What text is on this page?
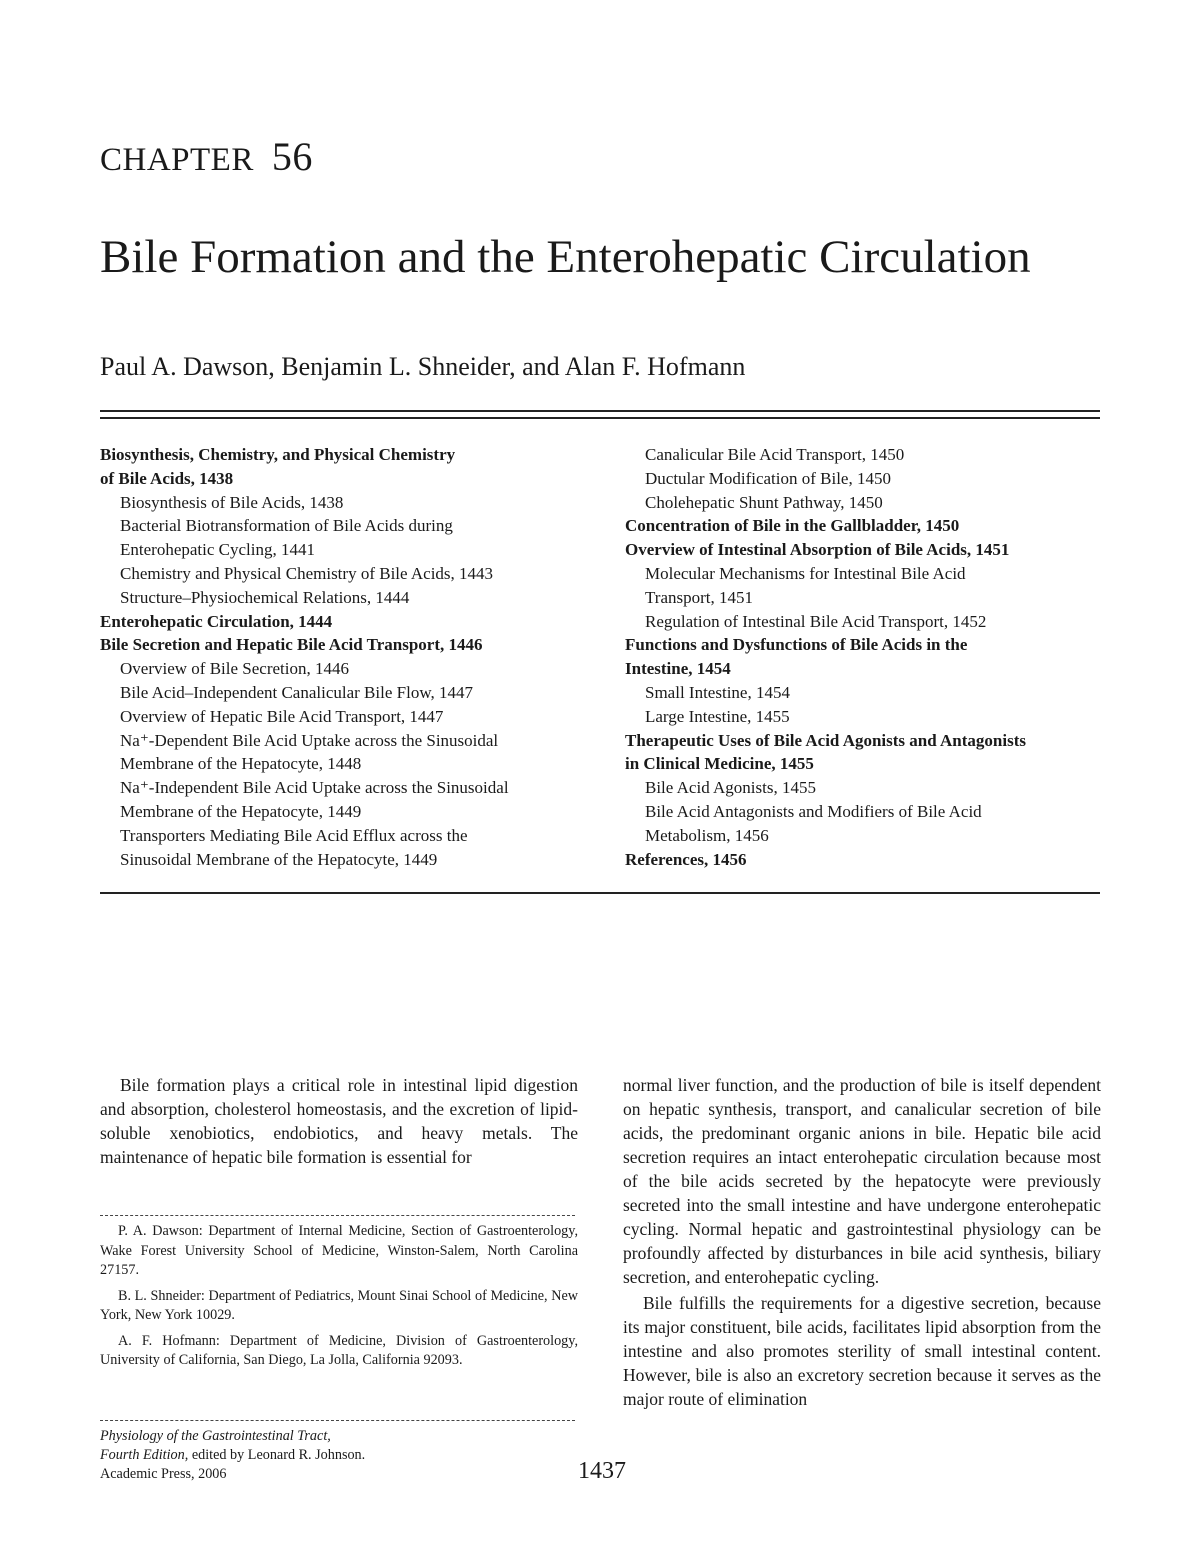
CHAPTER 56
Bile Formation and the Enterohepatic Circulation
Paul A. Dawson, Benjamin L. Shneider, and Alan F. Hofmann
Biosynthesis, Chemistry, and Physical Chemistry
of Bile Acids, 1438
Biosynthesis of Bile Acids, 1438
Bacterial Biotransformation of Bile Acids during
Enterohepatic Cycling, 1441
Chemistry and Physical Chemistry of Bile Acids, 1443
Structure–Physiochemical Relations, 1444
Enterohepatic Circulation, 1444
Bile Secretion and Hepatic Bile Acid Transport, 1446
Overview of Bile Secretion, 1446
Bile Acid–Independent Canalicular Bile Flow, 1447
Overview of Hepatic Bile Acid Transport, 1447
Na⁺-Dependent Bile Acid Uptake across the Sinusoidal
Membrane of the Hepatocyte, 1448
Na⁺-Independent Bile Acid Uptake across the Sinusoidal
Membrane of the Hepatocyte, 1449
Transporters Mediating Bile Acid Efflux across the
Sinusoidal Membrane of the Hepatocyte, 1449
Canalicular Bile Acid Transport, 1450
Ductular Modification of Bile, 1450
Cholehepatic Shunt Pathway, 1450
Concentration of Bile in the Gallbladder, 1450
Overview of Intestinal Absorption of Bile Acids, 1451
Molecular Mechanisms for Intestinal Bile Acid
Transport, 1451
Regulation of Intestinal Bile Acid Transport, 1452
Functions and Dysfunctions of Bile Acids in the
Intestine, 1454
Small Intestine, 1454
Large Intestine, 1455
Therapeutic Uses of Bile Acid Agonists and Antagonists
in Clinical Medicine, 1455
Bile Acid Agonists, 1455
Bile Acid Antagonists and Modifiers of Bile Acid
Metabolism, 1456
References, 1456

Bile formation plays a critical role in intestinal lipid digestion and absorption, cholesterol homeostasis, and the excretion of lipid-soluble xenobiotics, endobiotics, and heavy metals. The maintenance of hepatic bile formation is essential for

P. A. Dawson: Department of Internal Medicine, Section of Gastroenterology, Wake Forest University School of Medicine, Winston-Salem, North Carolina 27157.

B. L. Shneider: Department of Pediatrics, Mount Sinai School of Medicine, New York, New York 10029.

A. F. Hofmann: Department of Medicine, Division of Gastroenterology, University of California, San Diego, La Jolla, California 92093.

Physiology of the Gastrointestinal Tract,
Fourth Edition, edited by Leonard R. Johnson.
Academic Press, 2006

normal liver function, and the production of bile is itself dependent on hepatic synthesis, transport, and canalicular secretion of bile acids, the predominant organic anions in bile. Hepatic bile acid secretion requires an intact enterohepatic circulation because most of the bile acids secreted by the hepatocyte were previously secreted into the small intestine and have undergone enterohepatic cycling. Normal hepatic and gastrointestinal physiology can be profoundly affected by disturbances in bile acid synthesis, biliary secretion, and enterohepatic cycling.

Bile fulfills the requirements for a digestive secretion, because its major constituent, bile acids, facilitates lipid absorption from the intestine and also promotes sterility of small intestinal content. However, bile is also an excretory secretion because it serves as the major route of elimination

1437
